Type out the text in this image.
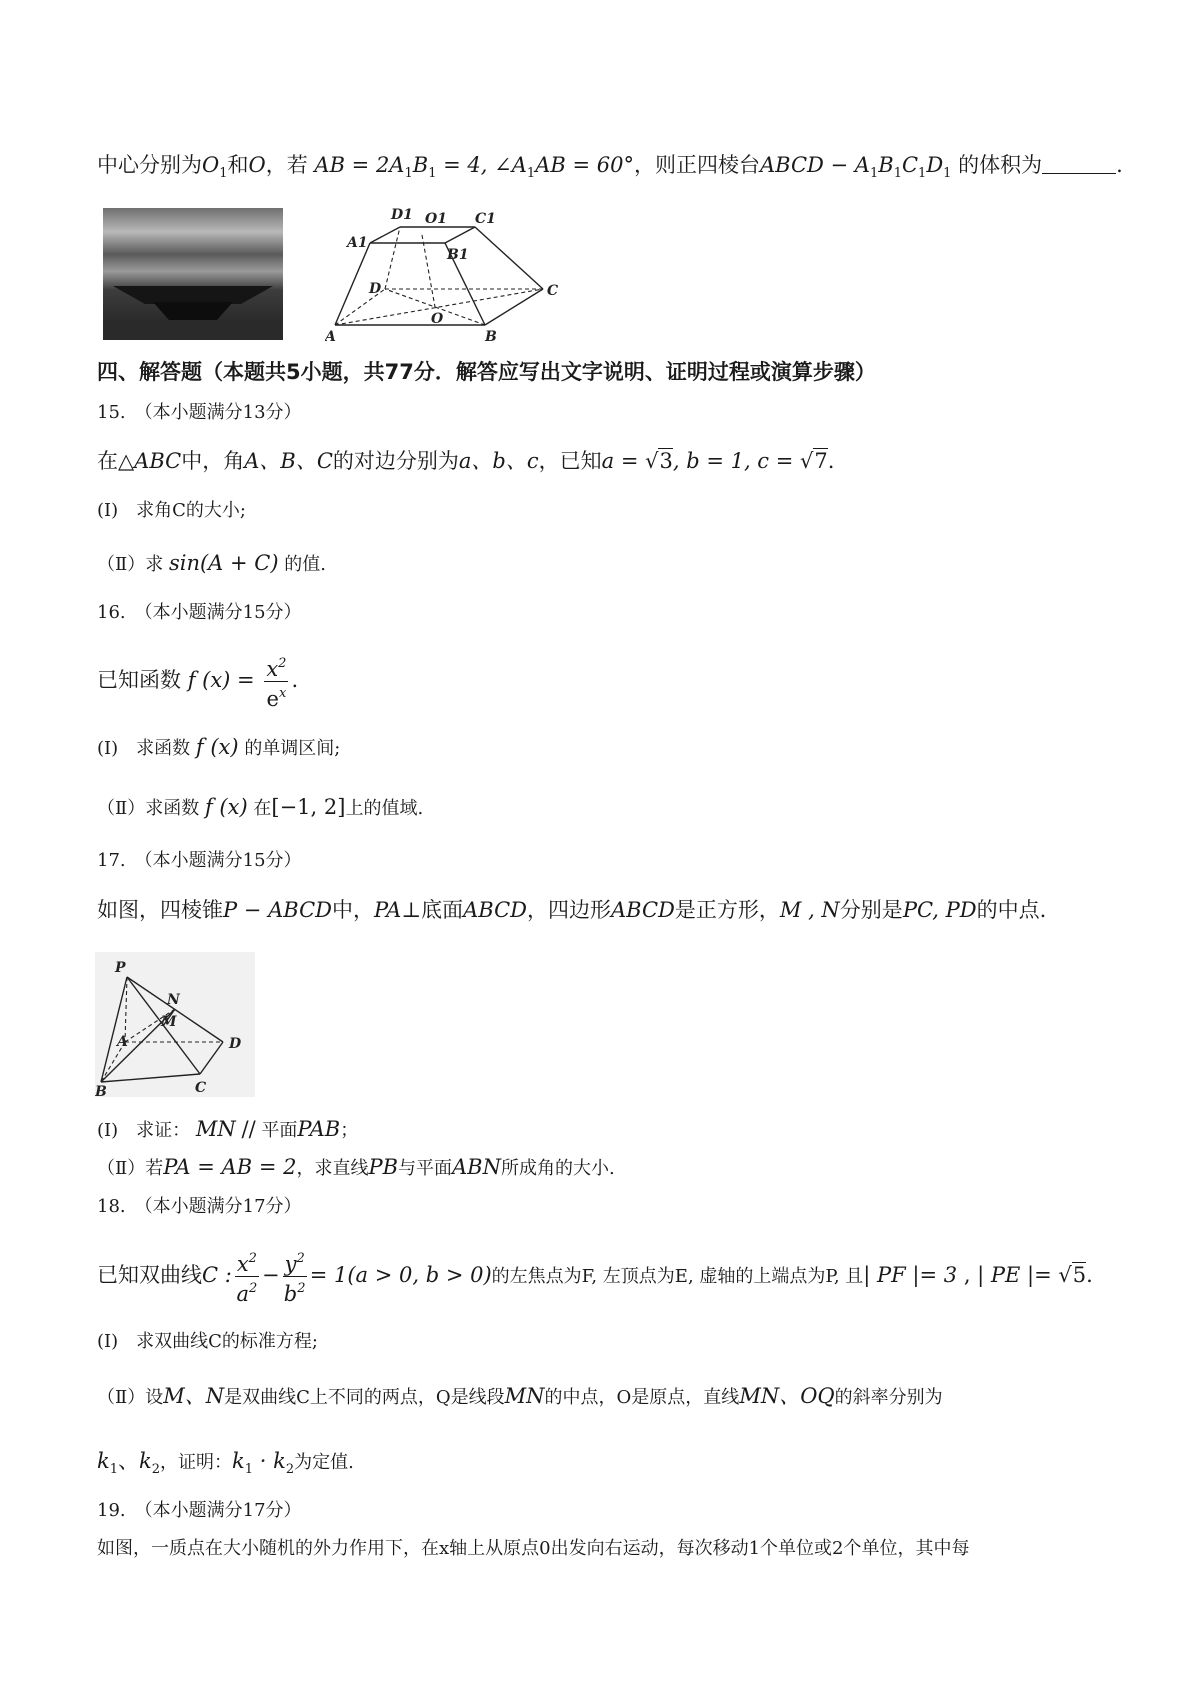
中心分别为$O_1$和O，若 AB = $2A_1B_1 = 4$, $\angle A_1AB = 60^\circ$，则正四棱台ABCD − $A_1B_1C_1D_1$ 的体积为	.
A	B
C
D
O
A1
B1
C1
D1 O1
四、解答题（本题共5小题，共77分．解答应写出文字说明、证明过程或演算步骤）
15.　（本小题满分13分）
在△ABC中，角A、B、C的对边分别为a、b、c，已知a = √3, b = 1, c = √7.
(Ⅰ)　求角C的大小;
（Ⅱ）求 sin(A + C) 的值.
16.　（本小题满分15分）
已知函数 f $(x) = \frac{x^2}{e^x}$ .
(Ⅰ)　求函数 f (x) 的单调区间;
（Ⅱ）求函数 f (x) 在[−1, 2]上的值域.
17.　（本小题满分15分）
如图，四棱锥P − ABCD中，PA⊥底面ABCD，四边形ABCD是正方形，M , N分别是PC, PD的中点.
P
N
M
A	D
B	C
(Ⅰ)　求证： MN // 平面PAB；
（Ⅱ）若PA = AB = 2，求直线PB与平面ABN所成角的大小.
18.　（本小题满分17分）
已知双曲线C : $\frac{x^2}{a^2} - \frac{y^2}{b^2} = 1(a > 0$, b > 0)的左焦点为F, 左顶点为E, 虚轴的上端点为P, 且| PF |= 3 , | PE |= √5.
(Ⅰ)　求双曲线C的标准方程;
（Ⅱ）设M、N是双曲线C上不同的两点，Q是线段MN的中点，O是原点，直线MN、OQ的斜率分别为
$k_1$、$k_2$，证明：$k_1 \cdot k_2$为定值.
19.　（本小题满分17分）
如图，一质点在大小随机的外力作用下，在x轴上从原点0出发向右运动，每次移动1个单位或2个单位，其中每
